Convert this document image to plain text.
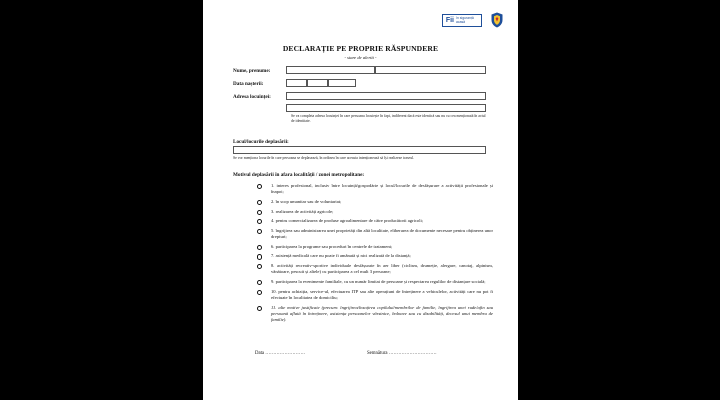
Fii în siguranță acasă
DECLARAȚIE PE PROPRIE RĂSPUNDERE
- stare de alertă -
Nume, prenume:
Data nașterii:
Adresa locuinței:
Se va completa adresa locuinței în care persoana locuiește în fapt, indiferent dacă este identică sau nu cu cea menționată în actul de identitate.
Locul/locurile deplasării:
Se vor menționa locurile în care persoana se deplasează, în ordinea în care aceasta intenționează să își realizeze traseul.
Motivul deplasării în afara localității / zonei metropolitane:
1. interes profesional, inclusiv între locuință/gospodărie și locul/locurile de desfășurare a activității profesionale și înapoi;
2. în scop umanitar sau de voluntariat;
3. realizarea de activități agricole;
4. pentru comercializarea de produse agroalimentare de către producătorii agricoli;
5. îngrijirea sau administrarea unei proprietăți din altă localitate, eliberarea de documente necesare pentru obținerea unor drepturi;
6. participarea la programe sau proceduri în centrele de tratament;
7. asistență medicală care nu poate fi amânată și nici realizată de la distanță;
8. activități recreativ-sportive individuale desfășurate în aer liber (ciclism, drumeție, alergare, canotaj, alpinism, vânătoare, pescuit și altele) cu participarea a cel mult 3 persoane;
9. participarea la evenimente familiale, cu un număr limitat de persoane și respectarea regulilor de distanțare socială;
10. pentru achiziția, service-ul, efectuarea ITP sau alte operațiuni de întreținere a vehiculelor, activități care nu pot fi efectuate în localitatea de domiciliu;
11. alte motive justificate (precum: îngrijirea/însoțirea copilului/membrilor de familie, îngrijirea unei rude/afin sau persoană aflată în întreținere, asistența persoanelor vârstnice, bolnave sau cu dizabilități, decesul unui membru de familie).
Data …………………….	Semnătura …………………………
